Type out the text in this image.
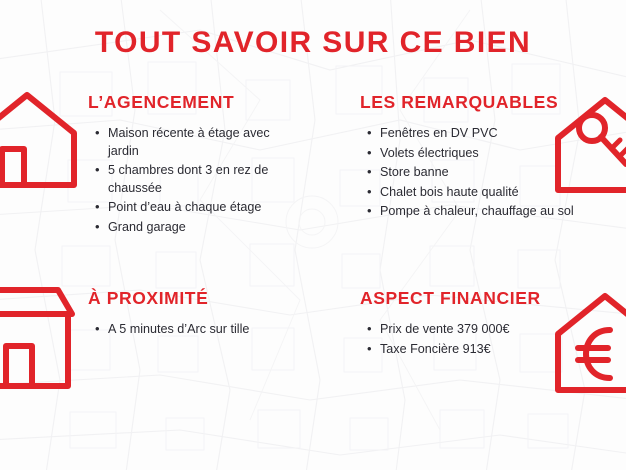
TOUT SAVOIR SUR CE BIEN
L’AGENCEMENT
• Maison récente à étage avec jardin
• 5 chambres dont 3 en rez de chaussée
• Point d’eau à chaque étage
• Grand garage
LES REMARQUABLES
• Fenêtres en DV PVC
• Volets électriques
• Store banne
• Chalet bois haute qualité
• Pompe à chaleur, chauffage au sol
À PROXIMITÉ
• A 5 minutes d’Arc sur tille
ASPECT FINANCIER
• Prix de vente 379 000€
• Taxe Foncière 913€
